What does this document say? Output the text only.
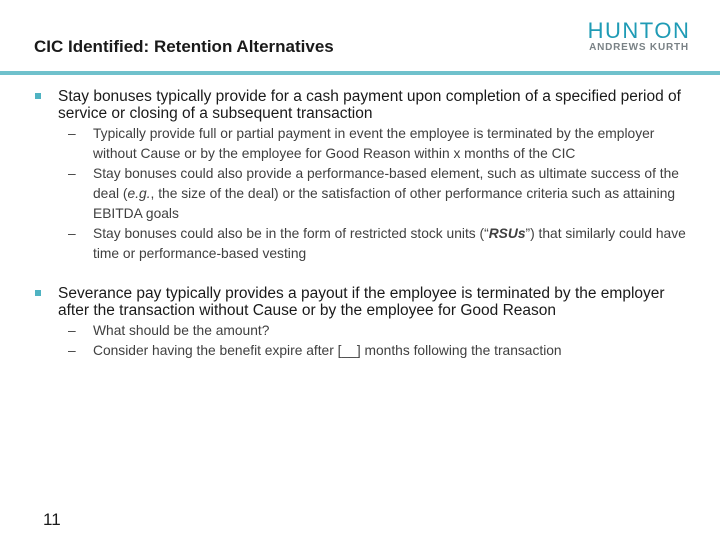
CIC Identified: Retention Alternatives
HUNTON
ANDREWS KURTH
Stay bonuses typically provide for a cash payment upon completion of a specified period of service or closing of a subsequent transaction
– Typically provide full or partial payment in event the employee is terminated by the employer without Cause or by the employee for Good Reason within x months of the CIC
– Stay bonuses could also provide a performance-based element, such as ultimate success of the deal (e.g., the size of the deal) or the satisfaction of other performance criteria such as attaining EBITDA goals
– Stay bonuses could also be in the form of restricted stock units (“RSUs”) that similarly could have time or performance-based vesting
Severance pay typically provides a payout if the employee is terminated by the employer after the transaction without Cause or by the employee for Good Reason
– What should be the amount?
– Consider having the benefit expire after [__] months following the transaction
11
